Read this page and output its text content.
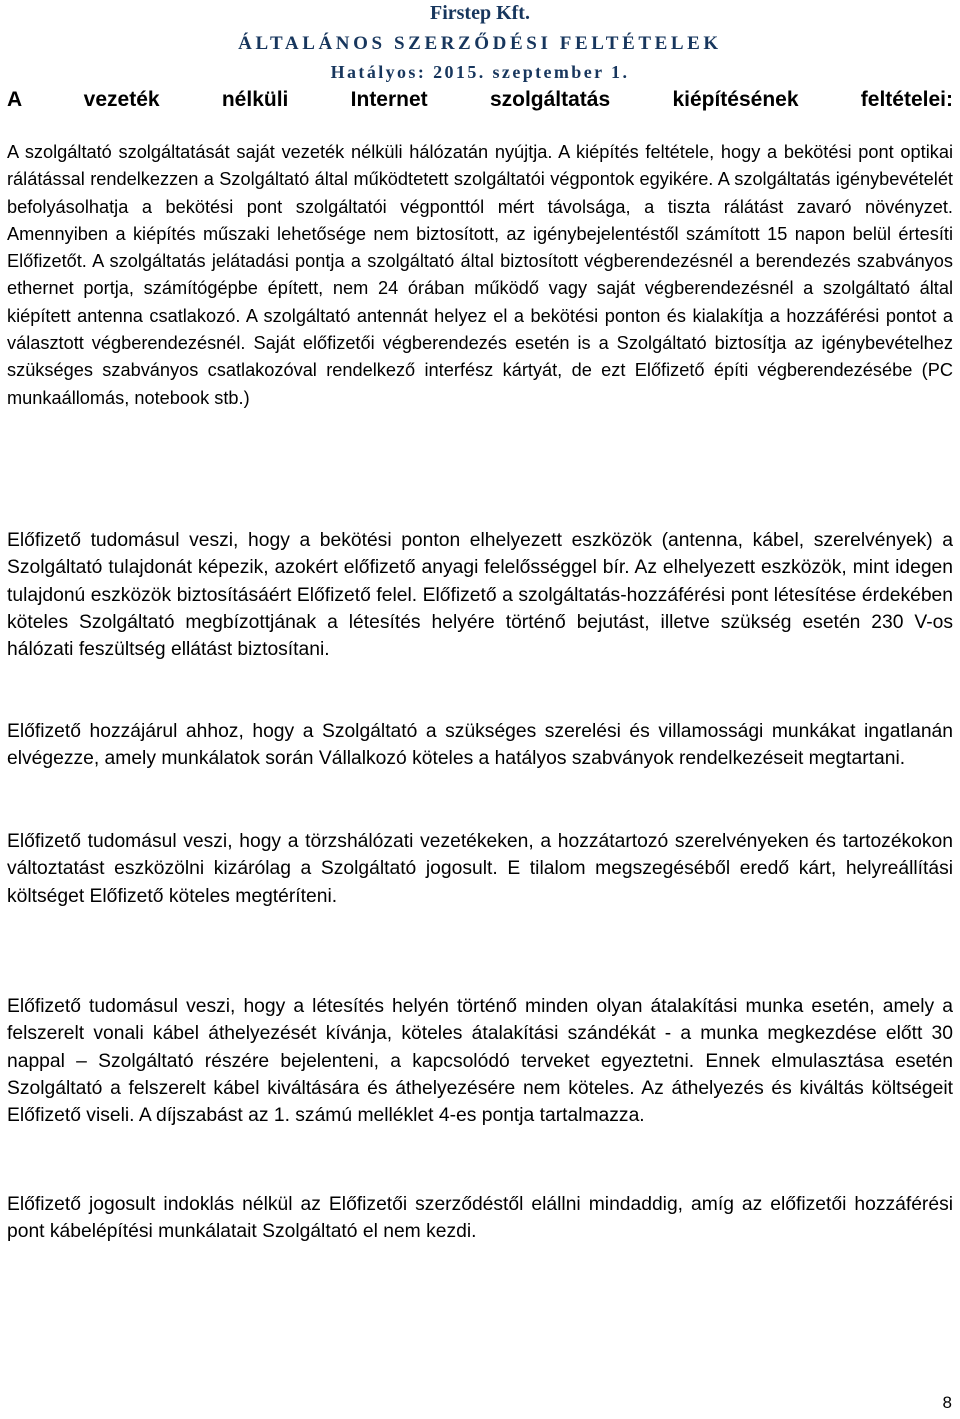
Firstep Kft.
ÁLTALÁNOS SZERZŐDÉSI FELTÉTELEK
Hatályos: 2015. szeptember 1.
A vezeték nélküli Internet szolgáltatás kiépítésének feltételei:

A szolgáltató szolgáltatását saját vezeték nélküli hálózatán nyújtja. A kiépítés feltétele, hogy a bekötési pont optikai rálátással rendelkezzen a Szolgáltató által működtetett szolgáltatói végpontok egyikére. A szolgáltatás igénybevételét befolyásolhatja a bekötési pont szolgáltatói végponttól mért távolsága, a tiszta rálátást zavaró növényzet. Amennyiben a kiépítés műszaki lehetősége nem biztosított, az igénybejelentéstől számított 15 napon belül értesíti Előfizetőt. A szolgáltatás jelátadási pontja a szolgáltató által biztosított végberendezésnél a berendezés szabványos ethernet portja, számítógépbe épített, nem 24 órában működő vagy saját végberendezésnél a szolgáltató által kiépített antenna csatlakozó. A szolgáltató antennát helyez el a bekötési ponton és kialakítja a hozzáférési pontot a választott végberendezésnél. Saját előfizetői végberendezés esetén is a Szolgáltató biztosítja az igénybevételhez szükséges szabványos csatlakozóval rendelkező interfész kártyát, de ezt Előfizető építi végberendezésébe (PC munkaállomás, notebook stb.)

Előfizető tudomásul veszi, hogy a bekötési ponton elhelyezett eszközök (antenna, kábel, szerelvények) a Szolgáltató tulajdonát képezik, azokért előfizető anyagi felelősséggel bír. Az elhelyezett eszközök, mint idegen tulajdonú eszközök biztosításáért Előfizető felel. Előfizető a szolgáltatás-hozzáférési pont létesítése érdekében köteles Szolgáltató megbízottjának a létesítés helyére történő bejutást, illetve szükség esetén 230 V-os hálózati feszültség ellátást biztosítani.

Előfizető hozzájárul ahhoz, hogy a Szolgáltató a szükséges szerelési és villamossági munkákat ingatlanán elvégezze, amely munkálatok során Vállalkozó köteles a hatályos szabványok rendelkezéseit megtartani.

Előfizető tudomásul veszi, hogy a törzshálózati vezetékeken, a hozzátartozó szerelvényeken és tartozékokon változtatást eszközölni kizárólag a Szolgáltató jogosult. E tilalom megszegéséből eredő kárt, helyreállítási költséget Előfizető köteles megtéríteni.

Előfizető tudomásul veszi, hogy a létesítés helyén történő minden olyan átalakítási munka esetén, amely a felszerelt vonali kábel áthelyezését kívánja, köteles átalakítási szándékát - a munka megkezdése előtt 30 nappal – Szolgáltató részére bejelenteni, a kapcsolódó terveket egyeztetni. Ennek elmulasztása esetén Szolgáltató a felszerelt kábel kiváltására és áthelyezésére nem köteles. Az áthelyezés és kiváltás költségeit Előfizető viseli. A díjszabást az 1. számú melléklet 4-es pontja tartalmazza.

Előfizető jogosult indoklás nélkül az Előfizetői szerződéstől elállni mindaddig, amíg az előfizetői hozzáférési pont kábelépítési munkálatait Szolgáltató el nem kezdi.

8
